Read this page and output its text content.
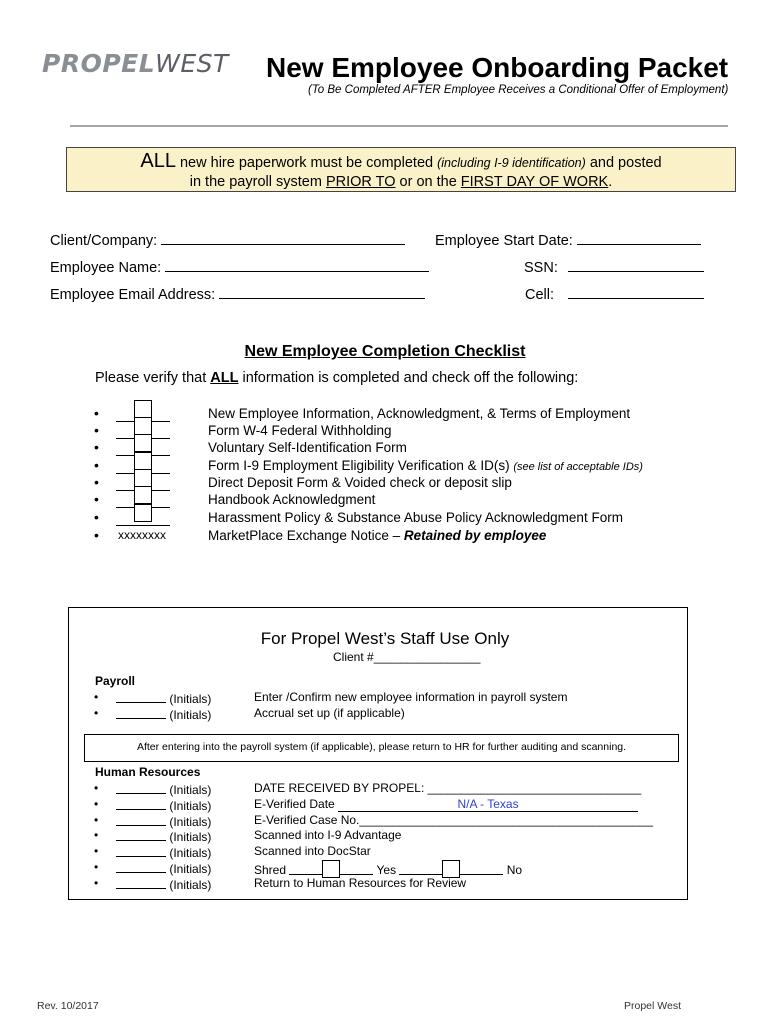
PROPELWEST New Employee Onboarding Packet
(To Be Completed AFTER Employee Receives a Conditional Offer of Employment)
ALL new hire paperwork must be completed (including I-9 identification) and posted
in the payroll system PRIOR TO or on the FIRST DAY OF WORK.
Client/Company:	Employee Start Date:
Employee Name:	SSN:
Employee Email Address:	Cell:
New Employee Completion Checklist
Please verify that ALL information is completed and check off the following:
•	New Employee Information, Acknowledgment, & Terms of Employment
•	Form W-4 Federal Withholding
•	Voluntary Self-Identification Form
•	Form I-9 Employment Eligibility Verification & ID(s) (see list of acceptable IDs)
•	Direct Deposit Form & Voided check or deposit slip
•	Handbook Acknowledgment
•	Harassment Policy & Substance Abuse Policy Acknowledgment Form
• xxxxxxxx	MarketPlace Exchange Notice – Retained by employee
For Propel West’s Staff Use Only
Client #________________
Payroll
•	(Initials)	Enter /Confirm new employee information in payroll system
•	(Initials)	Accrual set up (if applicable)
After entering into the payroll system (if applicable), please return to HR for further auditing and scanning.
Human Resources
•	(Initials)	DATE RECEIVED BY PROPEL: ________________________________
•	(Initials)	E-Verified Date	N/A - Texas
•	(Initials)	E-Verified Case No.____________________________________________
•	(Initials)	Scanned into I-9 Advantage
•	(Initials)	Scanned into DocStar
•	(Initials)	Shred	Yes	No
•	(Initials)	Return to Human Resources for Review
Rev. 10/2017	Propel West
